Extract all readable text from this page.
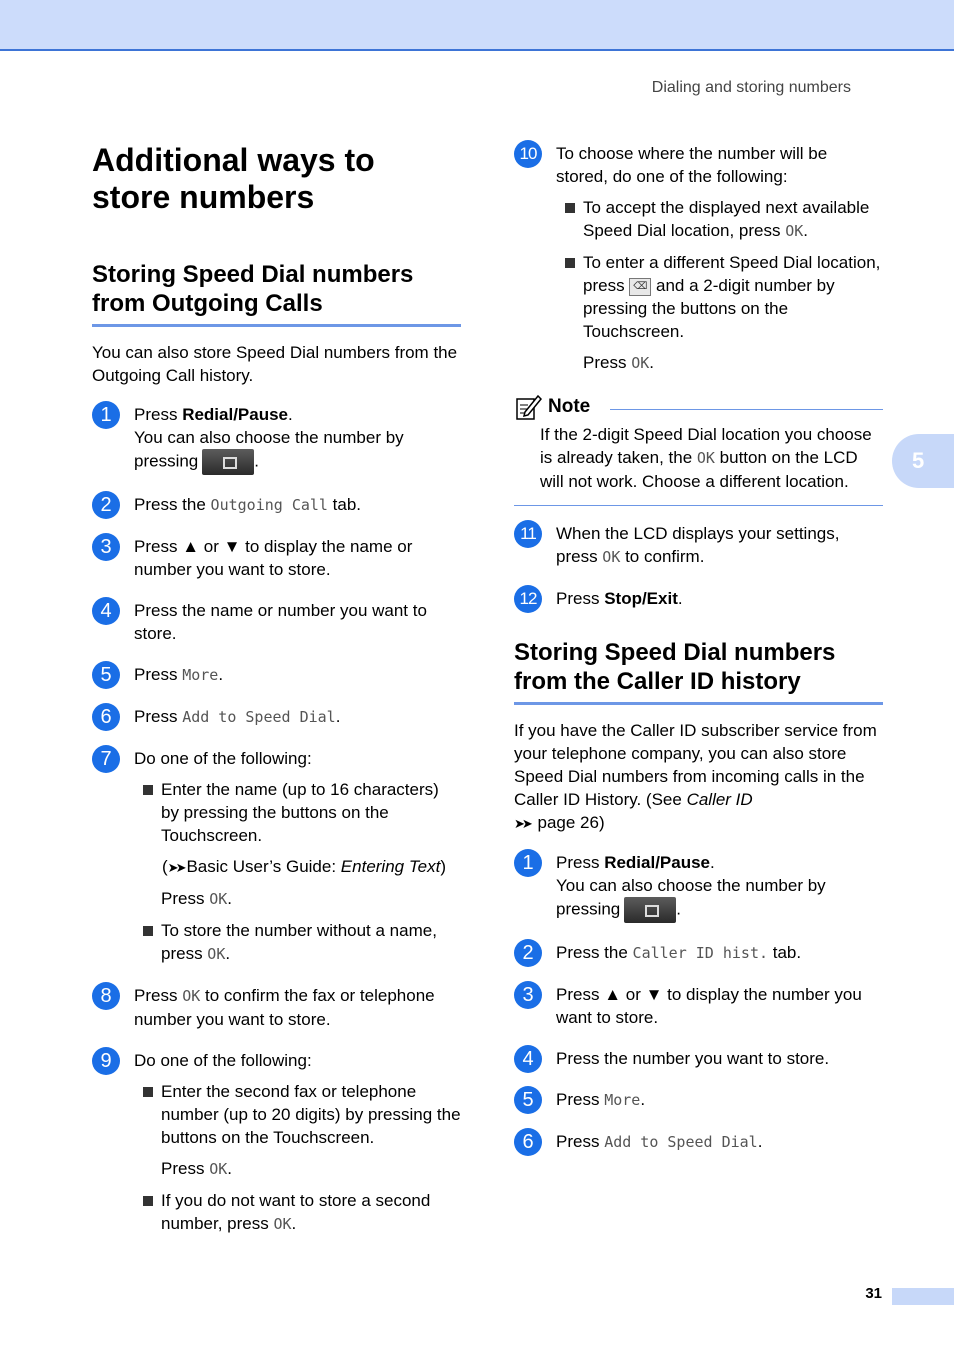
Dialing and storing numbers
5
Additional ways to
store numbers
Storing Speed Dial numbers
from Outgoing Calls

You can also store Speed Dial numbers from the Outgoing Call history.

1	Press Redial/Pause.
You can also choose the number by
pressing	.
2	Press the Outgoing Call tab.
3	Press ▲ or ▼ to display the name or number you want to store.
4	Press the name or number you want to store.
5	Press More.
6	Press Add to Speed Dial.
7	Do one of the following:
Enter the name (up to 16 characters) by pressing the buttons on the Touchscreen.
(➤➤ Basic User’s Guide: Entering Text)
Press OK.
To store the number without a name, press OK.
8	Press OK to confirm the fax or telephone number you want to store.
9	Do one of the following:
Enter the second fax or telephone number (up to 20 digits) by pressing the buttons on the Touchscreen.
Press OK.
If you do not want to store a second number, press OK.
10	To choose where the number will be stored, do one of the following:
To accept the displayed next available Speed Dial location, press OK.
To enter a different Speed Dial location, press ⌫ and a 2-digit number by pressing the buttons on the Touchscreen.
Press OK.
Note
If the 2-digit Speed Dial location you choose is already taken, the OK button on the LCD will not work. Choose a different location.
11	When the LCD displays your settings, press OK to confirm.
12	Press Stop/Exit.
Storing Speed Dial numbers
from the Caller ID history

If you have the Caller ID subscriber service from your telephone company, you can also store Speed Dial numbers from incoming calls in the Caller ID History. (See Caller ID
➤➤ page 26)

1	Press Redial/Pause.
You can also choose the number by
pressing	.
2	Press the Caller ID hist. tab.
3	Press ▲ or ▼ to display the number you want to store.
4	Press the number you want to store.
5	Press More.
6	Press Add to Speed Dial.
31
